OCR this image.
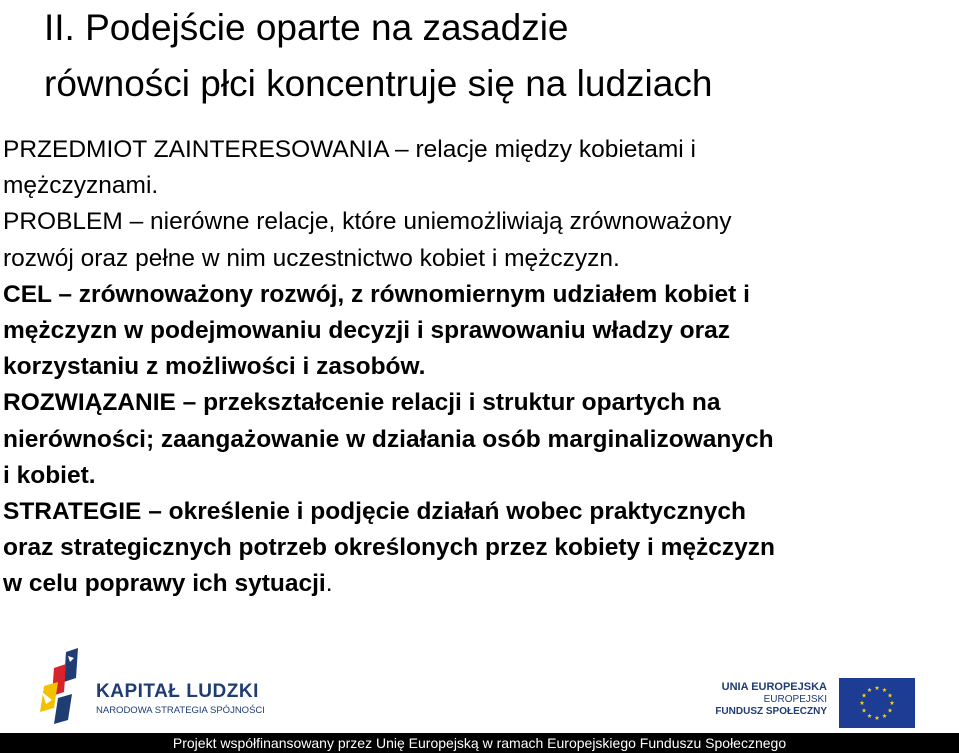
II. Podejście oparte na zasadzie
równości płci koncentruje się na ludziach
PRZEDMIOT ZAINTERESOWANIA – relacje między kobietami i
mężczyznami.
PROBLEM – nierówne relacje, które uniemożliwiają zrównoważony
rozwój oraz pełne w nim uczestnictwo kobiet i mężczyzn.
CEL – zrównoważony rozwój, z równomiernym udziałem kobiet i
mężczyzn w podejmowaniu decyzji i sprawowaniu władzy oraz
korzystaniu z możliwości i zasobów.
ROZWIĄZANIE – przekształcenie relacji i struktur opartych na
nierówności; zaangażowanie w działania osób marginalizowanych
i kobiet.
STRATEGIE – określenie i podjęcie działań wobec praktycznych
oraz strategicznych potrzeb określonych przez kobiety i mężczyzn
w celu poprawy ich sytuacji.
KAPITAŁ LUDZKI
NARODOWA STRATEGIA SPÓJNOŚCI
UNIA EUROPEJSKA
EUROPEJSKI
FUNDUSZ SPOŁECZNY
Projekt współfinansowany przez Unię Europejską w ramach Europejskiego Funduszu Społecznego
